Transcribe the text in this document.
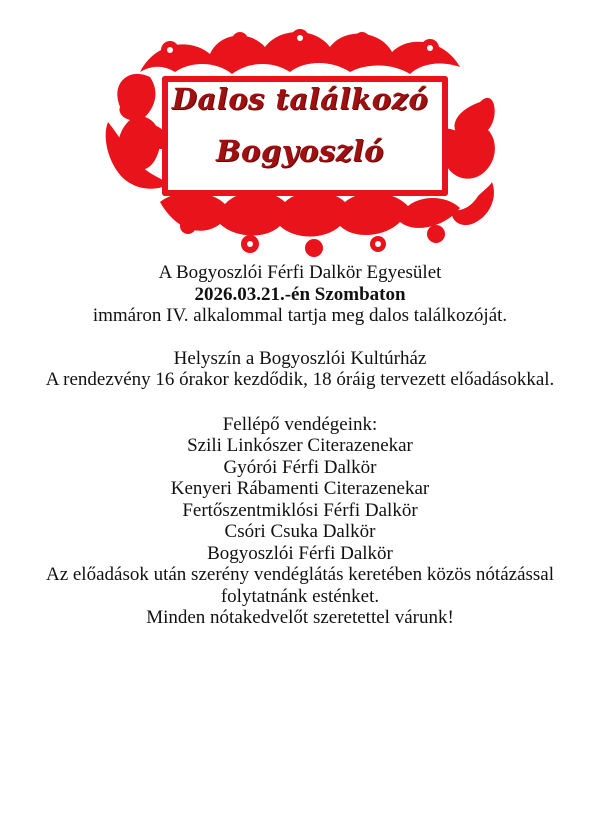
Dalos találkozó
Bogyoszló

A Bogyoszlói Férfi Dalkör Egyesület

2026.03.21.-én Szombaton

immáron IV. alkalommal tartja meg dalos találkozóját.

Helyszín a Bogyoszlói Kultúrház

A rendezvény 16 órakor kezdődik, 18 óráig tervezett előadásokkal.

Fellépő vendégeink:

Szili Linkószer Citerazenekar

Gyórói Férfi Dalkör

Kenyeri Rábamenti Citerazenekar

Fertőszentmiklósi Férfi Dalkör

Csóri Csuka Dalkör

Bogyoszlói Férfi Dalkör

Az előadások után szerény vendéglátás keretében közös nótázással

folytatnánk esténket.

Minden nótakedvelőt szeretettel várunk!
